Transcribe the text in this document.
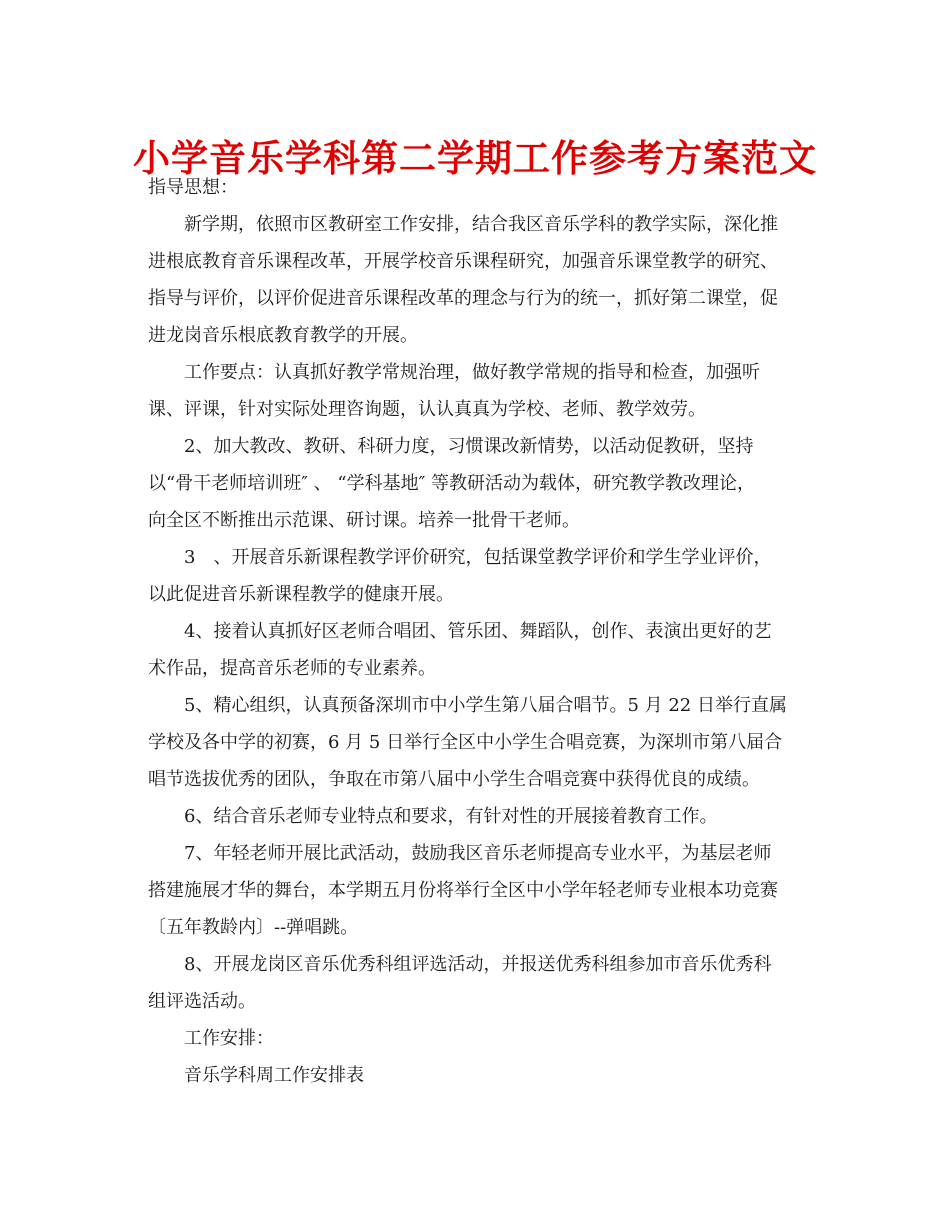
小学音乐学科第二学期工作参考方案范文
指导思想：
新学期，依照市区教研室工作安排，结合我区音乐学科的教学实际，深化推
进根底教育音乐课程改革，开展学校音乐课程研究，加强音乐课堂教学的研究、
指导与评价，以评价促进音乐课程改革的理念与行为的统一，抓好第二课堂，促
进龙岗音乐根底教育教学的开展。
工作要点：认真抓好教学常规治理，做好教学常规的指导和检查，加强听
课、评课，针对实际处理咨询题，认认真真为学校、老师、教学效劳。
2、加大教改、教研、科研力度，习惯课改新情势，以活动促教研，坚持
以“骨干老师培训班″ 、 “学科基地″ 等教研活动为载体，研究教学教改理论，
向全区不断推出示范课、研讨课。培养一批骨干老师。
3　、开展音乐新课程教学评价研究，包括课堂教学评价和学生学业评价，
以此促进音乐新课程教学的健康开展。
4、接着认真抓好区老师合唱团、管乐团、舞蹈队，创作、表演出更好的艺
术作品，提高音乐老师的专业素养。
5、精心组织，认真预备深圳市中小学生第八届合唱节。5 月 22 日举行直属
学校及各中学的初赛，6 月 5 日举行全区中小学生合唱竞赛，为深圳市第八届合
唱节选拔优秀的团队，争取在市第八届中小学生合唱竞赛中获得优良的成绩。
6、结合音乐老师专业特点和要求，有针对性的开展接着教育工作。
7、年轻老师开展比武活动，鼓励我区音乐老师提高专业水平，为基层老师
搭建施展才华的舞台，本学期五月份将举行全区中小学年轻老师专业根本功竞赛
〔五年教龄内〕--弹唱跳。
8、开展龙岗区音乐优秀科组评选活动，并报送优秀科组参加市音乐优秀科
组评选活动。
工作安排：
音乐学科周工作安排表
